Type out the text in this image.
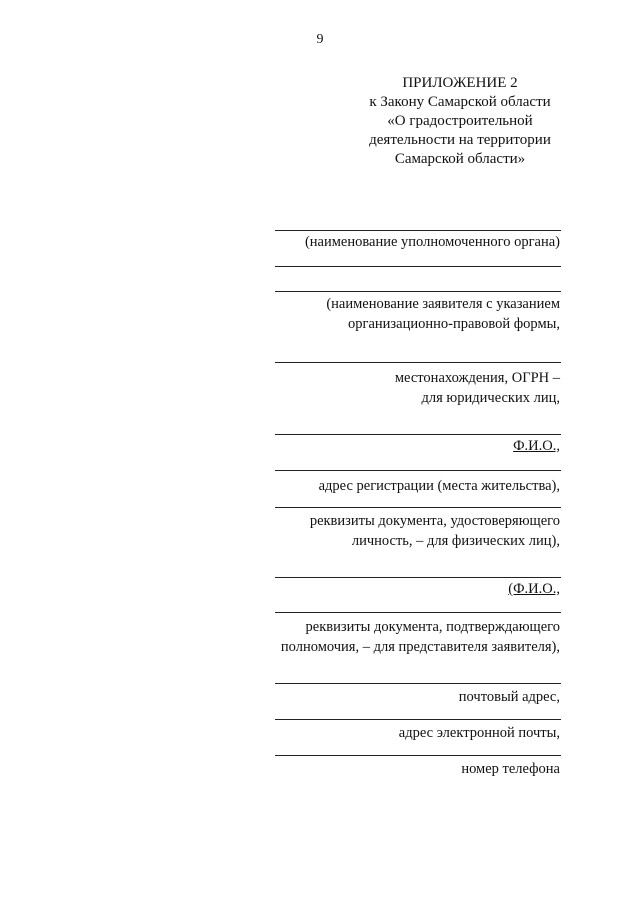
9
ПРИЛОЖЕНИЕ 2
к Закону Самарской области
«О градостроительной
деятельности на территории
Самарской области»
(наименование уполномоченного органа)
(наименование заявителя с указанием
организационно-правовой формы,
местонахождения, ОГРН –
для юридических лиц,
Ф.И.О.,
адрес регистрации (места жительства),
реквизиты документа, удостоверяющего
личность, – для физических лиц),
(Ф.И.О.,
реквизиты документа, подтверждающего
полномочия, – для представителя заявителя),
почтовый адрес,
адрес электронной почты,
номер телефона
